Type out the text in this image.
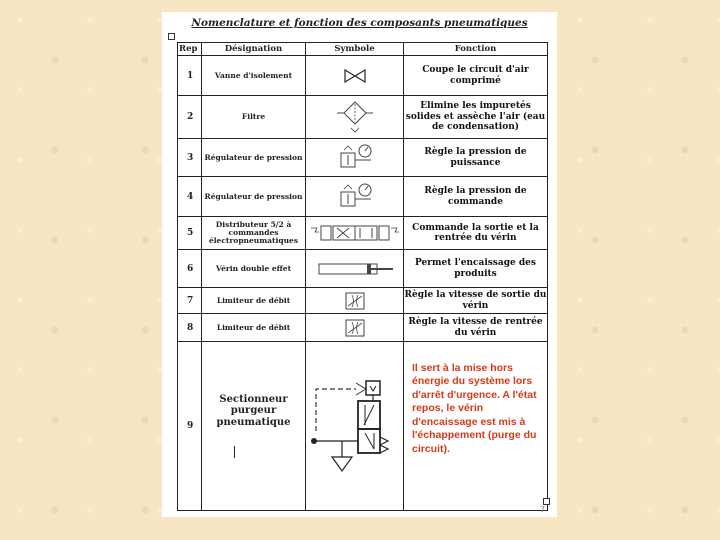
Nomenclature et fonction des composants pneumatiques
Rep	Désignation	Symbole	Fonction
1	Vanne d'isolement		Coupe le circuit d'air comprimé
2	Filtre		Elimine les impuretés solides et assèche l'air (eau de condensation)
3	Régulateur de pression		Règle la pression de puissance
4	Régulateur de pression		Règle la pression de commande
5	Distributeur 5/2 à commandes électropneumatiques		Commande la sortie et la rentrée du vérin
6	Vérin double effet		Permet l'encaissage des produits
7	Limiteur de débit		Règle la vitesse de sortie du vérin
8	Limiteur de débit		Règle la vitesse de rentrée du vérin
9	Sectionneur purgeur pneumatique		Il sert à la mise hors énergie du système lors d'arrêt d'urgence. A l'état repos, le vérin d'encaissage est mis à l'échappement (purge du circuit).
7
